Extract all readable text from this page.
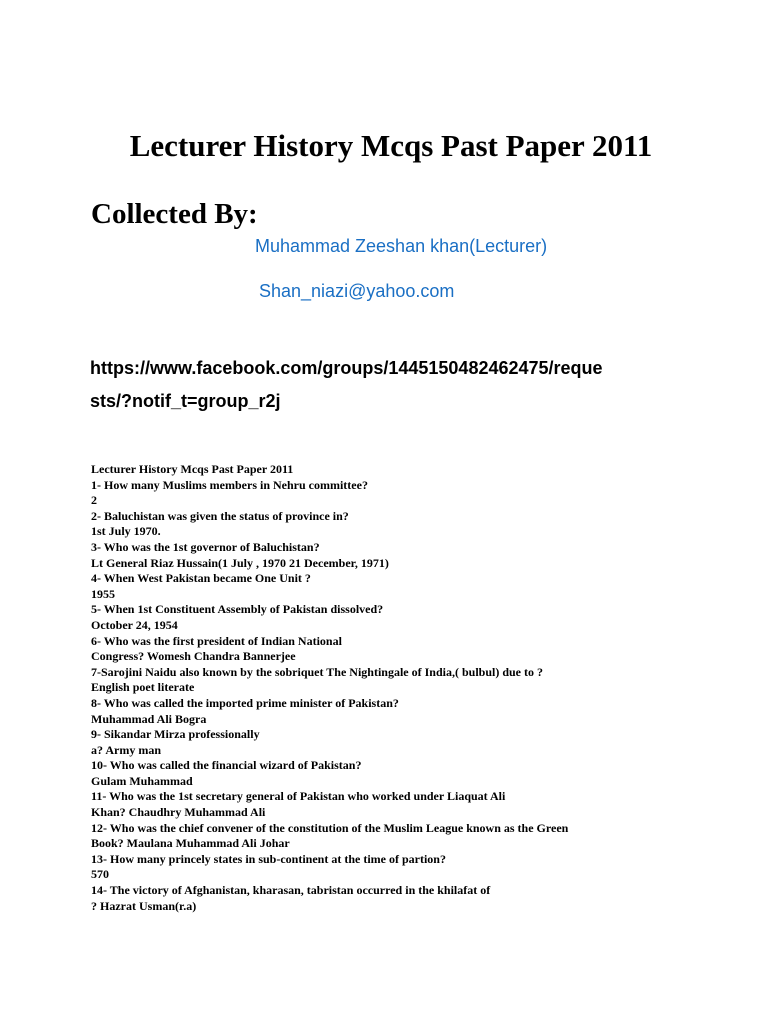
Lecturer History Mcqs Past Paper 2011
Collected By:
Muhammad Zeeshan khan(Lecturer)
Shan_niazi@yahoo.com
https://www.facebook.com/groups/1445150482462475/reque
sts/?notif_t=group_r2j
Lecturer History Mcqs Past Paper 2011
1- How many Muslims members in Nehru committee?
2
2- Baluchistan was given the status of province in?
1st July 1970.
3- Who was the 1st governor of Baluchistan?
Lt General Riaz Hussain(1 July , 1970 21 December, 1971)
4- When West Pakistan became One Unit ?
1955
5- When 1st Constituent Assembly of Pakistan dissolved?
October 24, 1954
6- Who was the first president of Indian National
Congress? Womesh Chandra Bannerjee
7-Sarojini Naidu also known by the sobriquet The Nightingale of India,( bulbul) due to ?
English poet literate
8- Who was called the imported prime minister of Pakistan?
Muhammad Ali Bogra
9- Sikandar Mirza professionally
a? Army man
10- Who was called the financial wizard of Pakistan?
Gulam Muhammad
11- Who was the 1st secretary general of Pakistan who worked under Liaquat Ali
Khan? Chaudhry Muhammad Ali
12- Who was the chief convener of the constitution of the Muslim League known as the Green
Book? Maulana Muhammad Ali Johar
13- How many princely states in sub-continent at the time of partion?
570
14- The victory of Afghanistan, kharasan, tabristan occurred in the khilafat of
? Hazrat Usman(r.a)
